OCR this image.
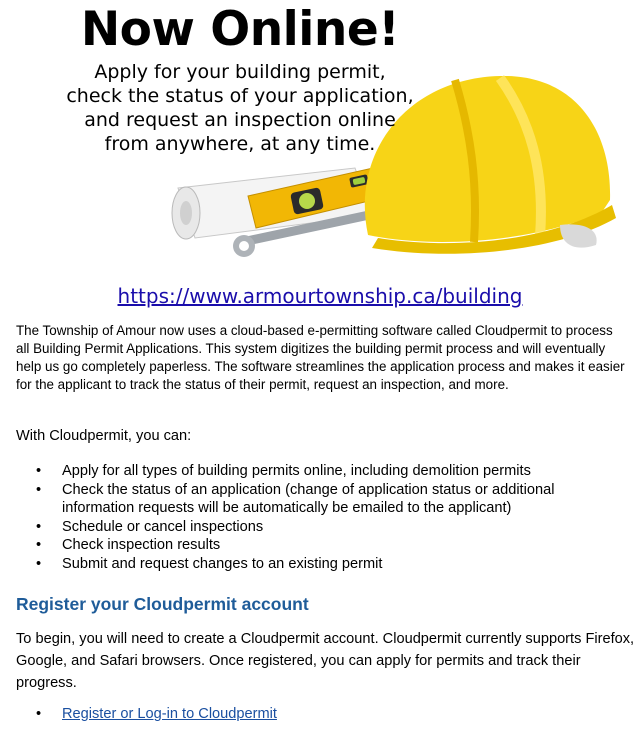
Now Online!
Apply for your building permit,
check the status of your application,
and request an inspection online
from anywhere, at any time.
https://www.armourtownship.ca/building

The Township of Amour now uses a cloud-based e-permitting software called Cloudpermit to process all Building Permit Applications. This system digitizes the building permit process and will eventually help us go completely paperless. The software streamlines the application process and makes it easier for the applicant to track the status of their permit, request an inspection, and more.

With Cloudpermit, you can:

• Apply for all types of building permits online, including demolition permits
• Check the status of an application (change of application status or additional information requests will be automatically be emailed to the applicant)
• Schedule or cancel inspections
• Check inspection results
• Submit and request changes to an existing permit
Register your Cloudpermit account

To begin, you will need to create a Cloudpermit account. Cloudpermit currently supports Firefox, Google, and Safari browsers. Once registered, you can apply for permits and track their progress.

• Register or Log-in to Cloudpermit
